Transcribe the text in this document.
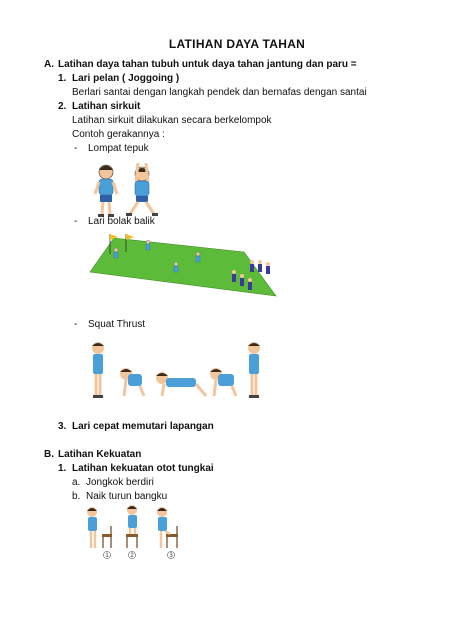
LATIHAN DAYA TAHAN
A. Latihan daya tahan tubuh untuk daya tahan jantung dan paru =
1. Lari pelan ( Joggoing )
Berlari santai dengan langkah pendek dan bernafas dengan santai
2. Latihan sirkuit
Latihan sirkuit dilakukan secara berkelompok
Contoh gerakannya :
- Lompat tepuk
- Lari bolak balik
- Squat Thrust
3. Lari cepat memutari lapangan
B. Latihan Kekuatan
1. Latihan kekuatan otot tungkai
a. Jongkok berdiri
b. Naik turun bangku
1	2	3
